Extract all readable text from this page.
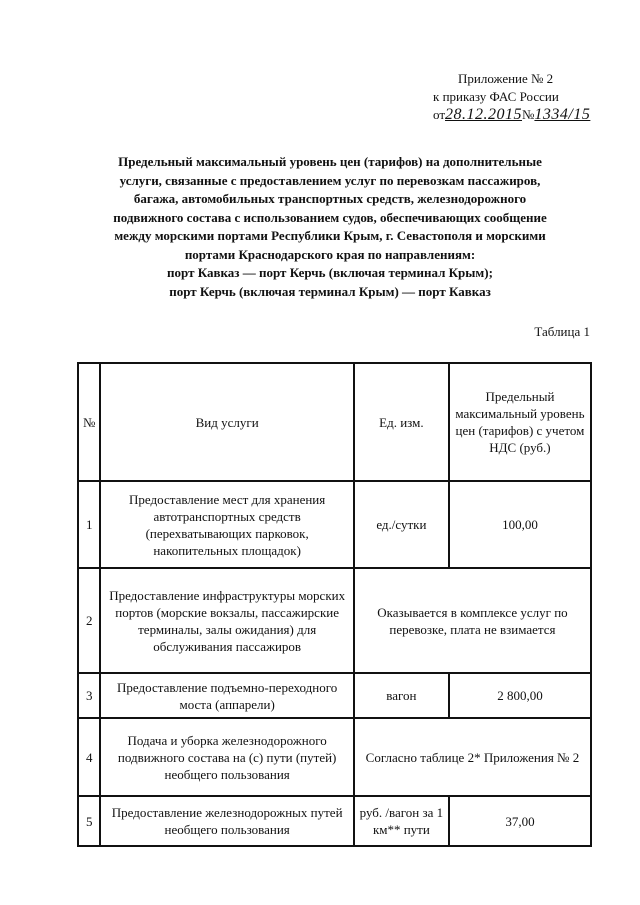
Приложение № 2
к приказу ФАС России
от28.12.2015№1334/15
Предельный максимальный уровень цен (тарифов) на дополнительные
услуги, связанные с предоставлением услуг по перевозкам пассажиров,
багажа, автомобильных транспортных средств, железнодорожного
подвижного состава с использованием судов, обеспечивающих сообщение
между морскими портами Республики Крым, г. Севастополя и морскими
портами Краснодарского края по направлениям:
порт Кавказ — порт Керчь (включая терминал Крым);
порт Керчь (включая терминал Крым) — порт Кавказ
Таблица 1
№	Вид услуги	Ед. изм.	Предельный максимальный уровень цен (тарифов) с учетом НДС (руб.)
1	Предоставление мест для хранения автотранспортных средств (перехватывающих парковок, накопительных площадок)	ед./сутки	100,00
2	Предоставление инфраструктуры морских портов (морские вокзалы, пассажирские терминалы, залы ожидания) для обслуживания пассажиров	Оказывается в комплексе услуг по перевозке, плата не взимается	
3	Предоставление подъемно-переходного моста (аппарели)	вагон	2 800,00
4	Подача и уборка железнодорожного подвижного состава на (с) пути (путей) необщего пользования	Согласно таблице 2* Приложения № 2	
5	Предоставление железнодорожных путей необщего пользования	руб. /вагон за 1 км** пути	37,00
